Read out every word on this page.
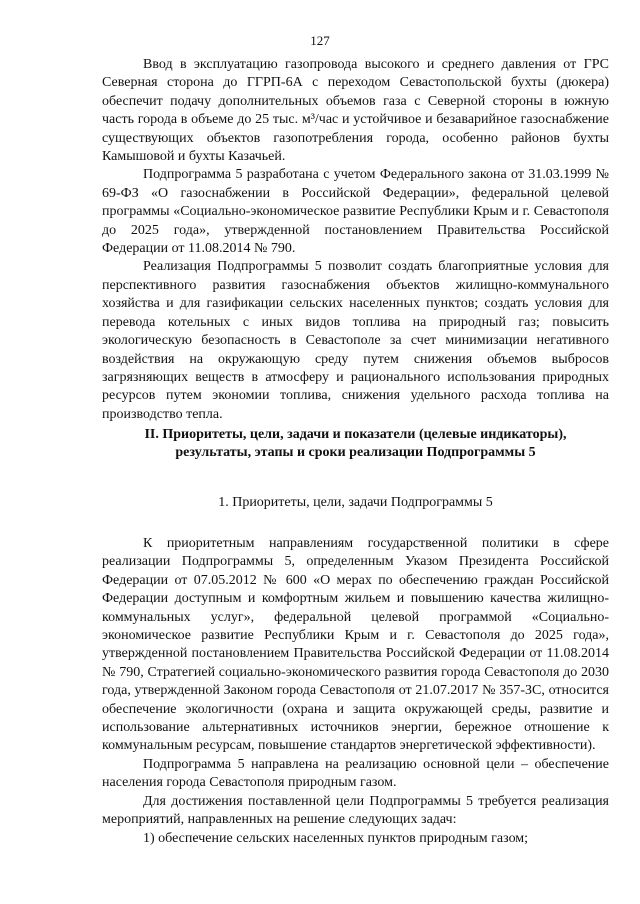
127

Ввод в эксплуатацию газопровода высокого и среднего давления от ГРС Северная сторона до ГГРП-6А с переходом Севастопольской бухты (дюкера) обеспечит подачу дополнительных объемов газа с Северной стороны в южную часть города в объеме до 25 тыс. м³/час и устойчивое и безаварийное газоснабжение существующих объектов газопотребления города, особенно районов бухты Камышовой и бухты Казачьей.

Подпрограмма 5 разработана с учетом Федерального закона от 31.03.1999 № 69-ФЗ «О газоснабжении в Российской Федерации», федеральной целевой программы «Социально-экономическое развитие Республики Крым и г. Севастополя до 2025 года», утвержденной постановлением Правительства Российской Федерации от 11.08.2014 № 790.

Реализация Подпрограммы 5 позволит создать благоприятные условия для перспективного развития газоснабжения объектов жилищно-коммунального хозяйства и для газификации сельских населенных пунктов; создать условия для перевода котельных с иных видов топлива на природный газ; повысить экологическую безопасность в Севастополе за счет минимизации негативного воздействия на окружающую среду путем снижения объемов выбросов загрязняющих веществ в атмосферу и рационального использования природных ресурсов путем экономии топлива, снижения удельного расхода топлива на производство тепла.

II. Приоритеты, цели, задачи и показатели (целевые индикаторы),
результаты, этапы и сроки реализации Подпрограммы 5
1. Приоритеты, цели, задачи Подпрограммы 5

К приоритетным направлениям государственной политики в сфере реализации Подпрограммы 5, определенным Указом Президента Российской Федерации от 07.05.2012 № 600 «О мерах по обеспечению граждан Российской Федерации доступным и комфортным жильем и повышению качества жилищно-коммунальных услуг», федеральной целевой программой «Социально-экономическое развитие Республики Крым и г. Севастополя до 2025 года», утвержденной постановлением Правительства Российской Федерации от 11.08.2014 № 790, Стратегией социально-экономического развития города Севастополя до 2030 года, утвержденной Законом города Севастополя от 21.07.2017 № 357-ЗС, относится обеспечение экологичности (охрана и защита окружающей среды, развитие и использование альтернативных источников энергии, бережное отношение к коммунальным ресурсам, повышение стандартов энергетической эффективности).

Подпрограмма 5 направлена на реализацию основной цели – обеспечение населения города Севастополя природным газом.

Для достижения поставленной цели Подпрограммы 5 требуется реализация мероприятий, направленных на решение следующих задач:

1) обеспечение сельских населенных пунктов природным газом;
